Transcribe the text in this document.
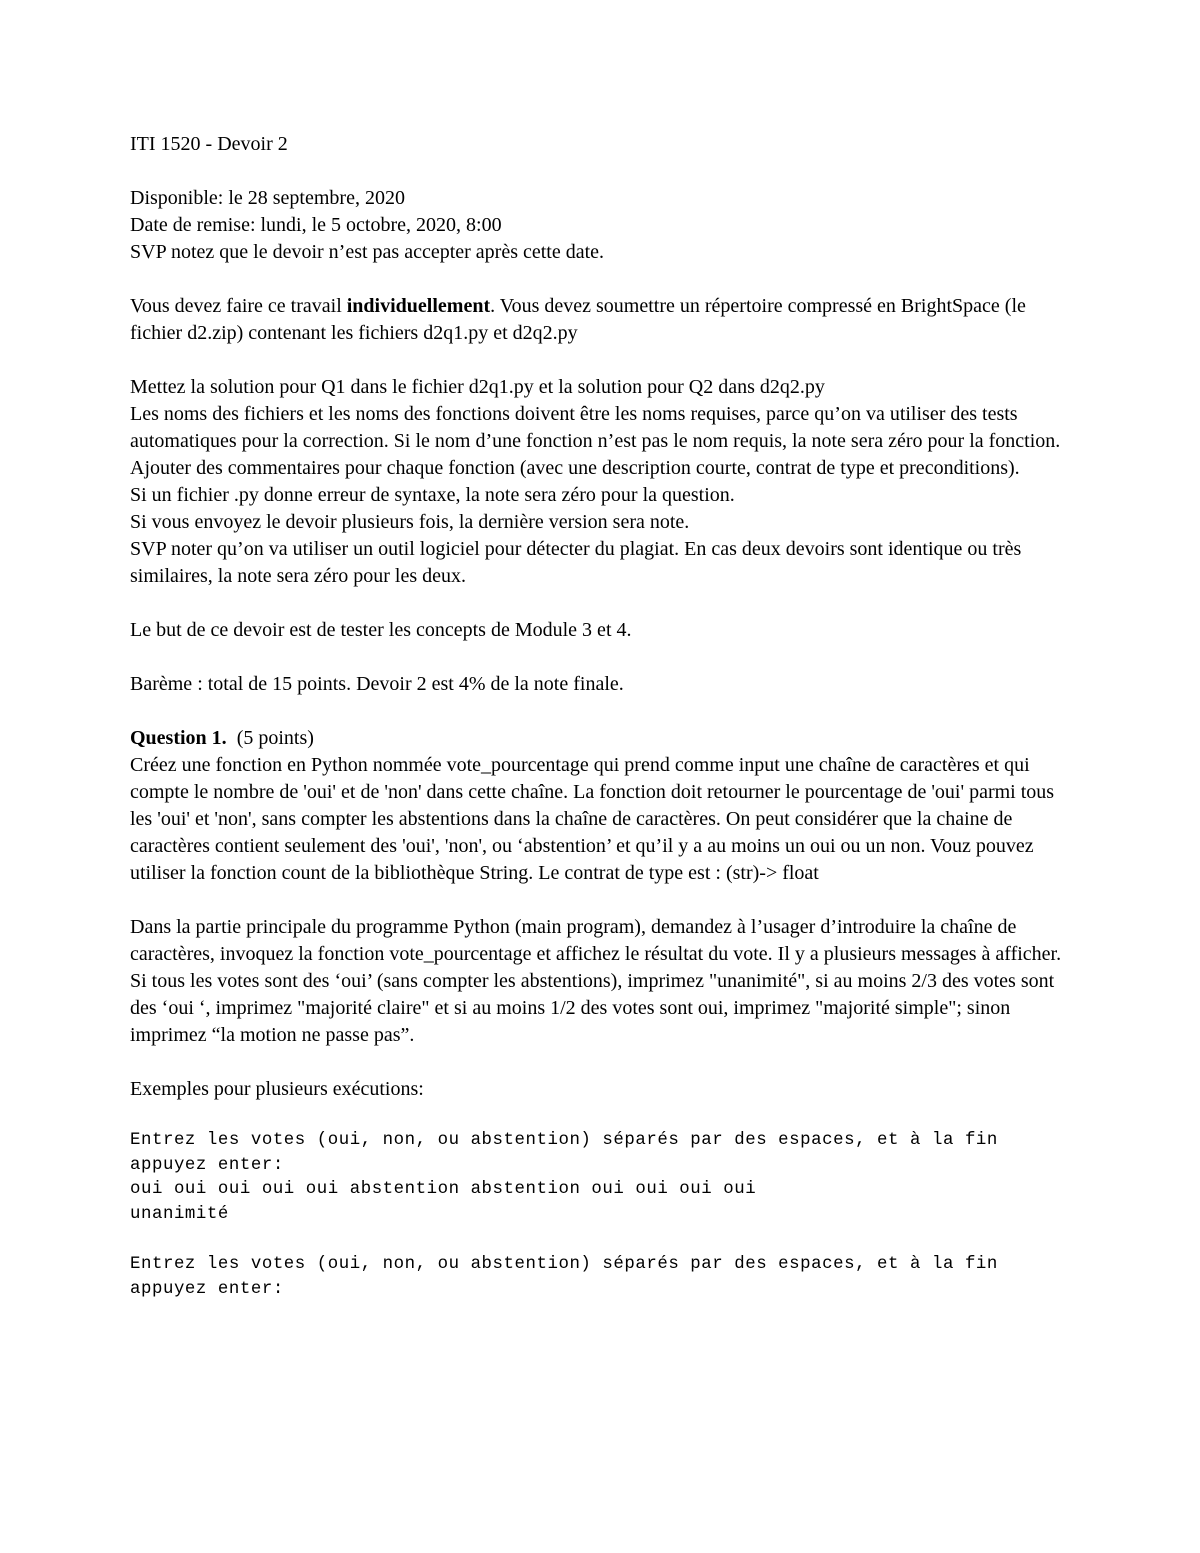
ITI 1520 - Devoir 2

Disponible: le 28 septembre, 2020

Date de remise: lundi, le 5 octobre, 2020, 8:00

SVP notez que le devoir n’est pas accepter après cette date.

Vous devez faire ce travail individuellement. Vous devez soumettre un répertoire compressé en BrightSpace (le fichier d2.zip) contenant les fichiers d2q1.py et d2q2.py

Mettez la solution pour Q1 dans le fichier d2q1.py et la solution pour Q2 dans d2q2.py

Les noms des fichiers et les noms des fonctions doivent être les noms requises, parce qu’on va utiliser des tests automatiques pour la correction. Si le nom d’une fonction n’est pas le nom requis, la note sera zéro pour la fonction.

Ajouter des commentaires pour chaque fonction (avec une description courte, contrat de type et preconditions).

Si un fichier .py donne erreur de syntaxe, la note sera zéro pour la question.

Si vous envoyez le devoir plusieurs fois, la dernière version sera note.

SVP noter qu’on va utiliser un outil logiciel pour détecter du plagiat. En cas deux devoirs sont identique ou très similaires, la note sera zéro pour les deux.

Le but de ce devoir est de tester les concepts de Module 3 et 4.

Barème : total de 15 points. Devoir 2 est 4% de la note finale.

Question 1.  (5 points)

Créez une fonction en Python nommée vote_pourcentage qui prend comme input une chaîne de caractères et qui compte le nombre de 'oui' et de 'non' dans cette chaîne. La fonction doit retourner le pourcentage de 'oui' parmi tous les 'oui' et 'non', sans compter les abstentions dans la chaîne de caractères. On peut considérer que la chaine de caractères contient seulement des 'oui', 'non', ou ‘abstention’ et qu’il y a au moins un oui ou un non. Vouz pouvez utiliser la fonction count de la bibliothèque String. Le contrat de type est : (str)-> float

Dans la partie principale du programme Python (main program), demandez à l’usager d’introduire la chaîne de caractères, invoquez la fonction vote_pourcentage et affichez le résultat du vote. Il y a plusieurs messages à afficher. Si tous les votes sont des ‘oui’ (sans compter les abstentions), imprimez "unanimité", si au moins 2/3 des votes sont des ‘oui ‘, imprimez "majorité claire" et si au moins 1/2 des votes sont oui, imprimez "majorité simple"; sinon imprimez “la motion ne passe pas”.

Exemples pour plusieurs exécutions:

Entrez les votes (oui, non, ou abstention) séparés par des espaces, et à la fin appuyez enter:
oui oui oui oui oui abstention abstention oui oui oui oui
unanimité
Entrez les votes (oui, non, ou abstention) séparés par des espaces, et à la fin appuyez enter:
